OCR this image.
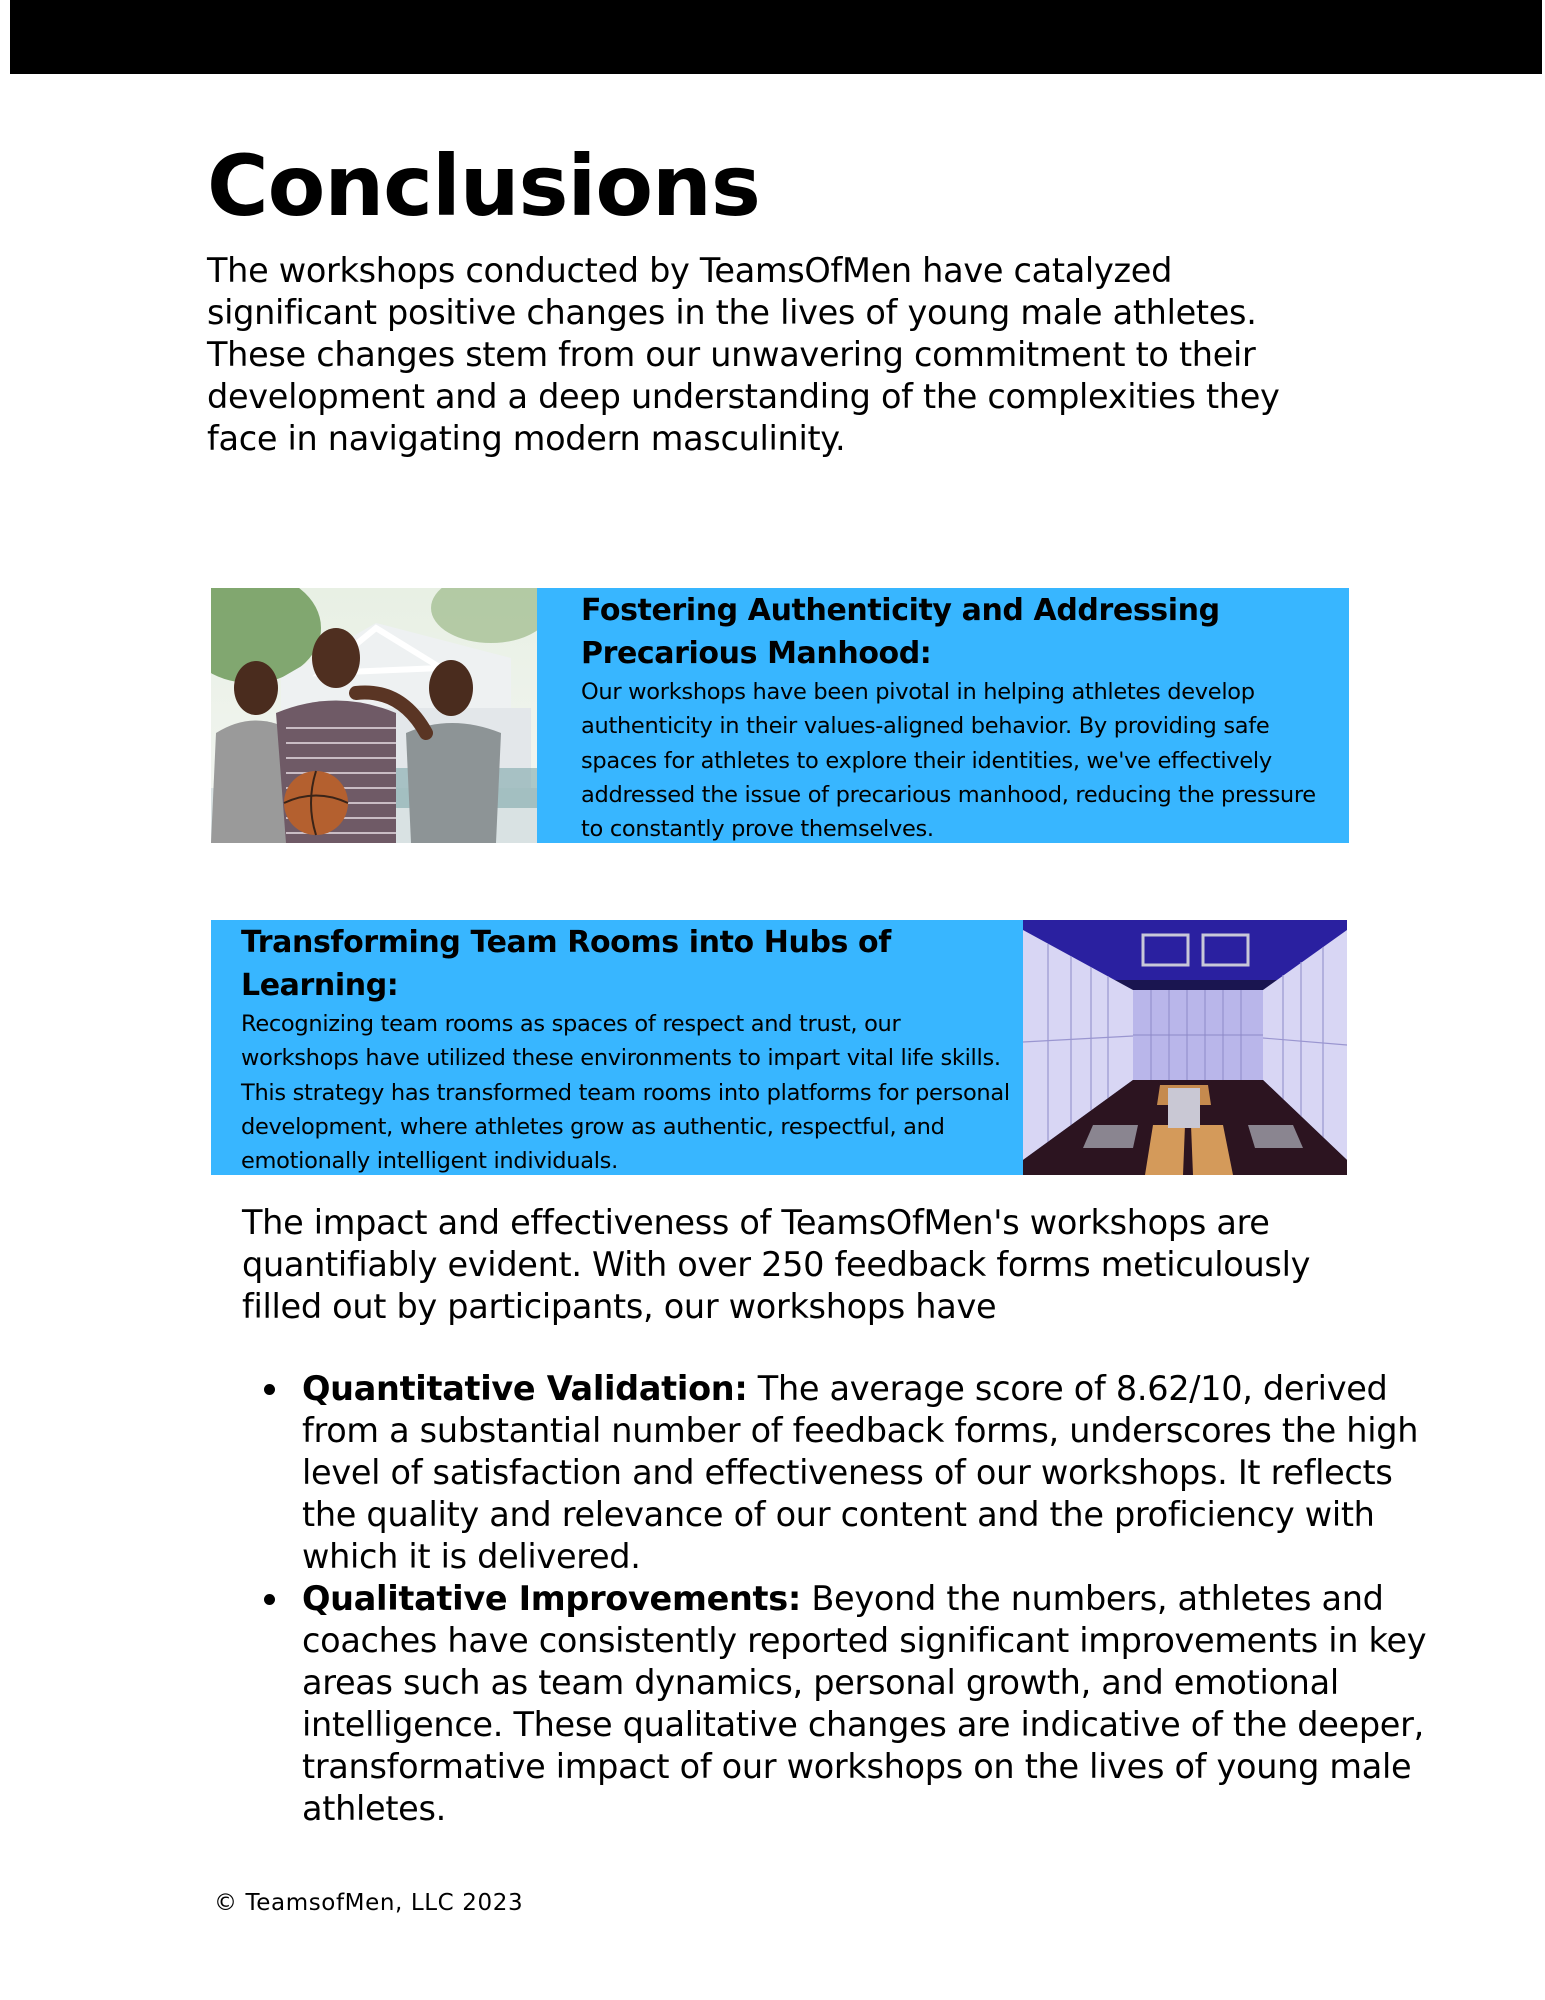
Conclusions

The workshops conducted by TeamsOfMen have catalyzed significant positive changes in the lives of young male athletes. These changes stem from our unwavering commitment to their development and a deep understanding of the complexities they face in navigating modern masculinity.

Fostering Authenticity and Addressing Precarious Manhood:

Our workshops have been pivotal in helping athletes develop authenticity in their values-aligned behavior. By providing safe spaces for athletes to explore their identities, we've effectively addressed the issue of precarious manhood, reducing the pressure to constantly prove themselves.

Transforming Team Rooms into Hubs of Learning:

Recognizing team rooms as spaces of respect and trust, our workshops have utilized these environments to impart vital life skills. This strategy has transformed team rooms into platforms for personal development, where athletes grow as authentic, respectful, and emotionally intelligent individuals.

The impact and effectiveness of TeamsOfMen's workshops are quantifiably evident. With over 250 feedback forms meticulously filled out by participants, our workshops have

Quantitative Validation: The average score of 8.62/10, derived from a substantial number of feedback forms, underscores the high level of satisfaction and effectiveness of our workshops. It reflects the quality and relevance of our content and the proficiency with which it is delivered.
Qualitative Improvements: Beyond the numbers, athletes and coaches have consistently reported significant improvements in key areas such as team dynamics, personal growth, and emotional intelligence. These qualitative changes are indicative of the deeper, transformative impact of our workshops on the lives of young male athletes.

© TeamsofMen, LLC 2023
